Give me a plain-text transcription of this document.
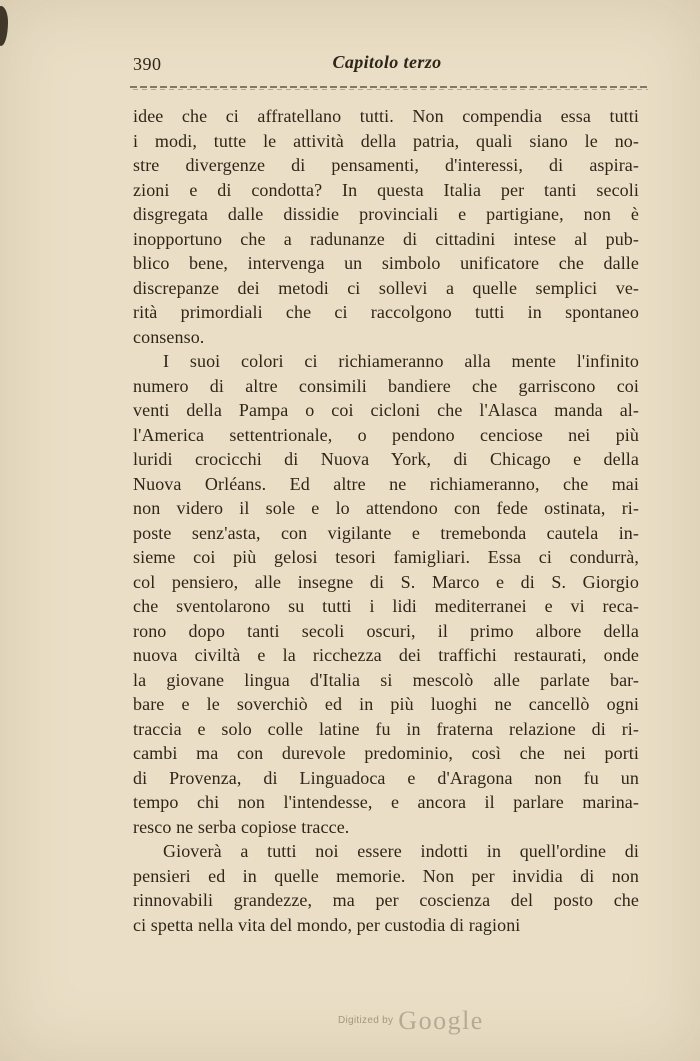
390	Capitolo terzo
idee che ci affratellano tutti. Non compendia essa tutti
i modi, tutte le attività della patria, quali siano le no-
stre divergenze di pensamenti, d'interessi, di aspira-
zioni e di condotta? In questa Italia per tanti secoli
disgregata dalle dissidie provinciali e partigiane, non è
inopportuno che a radunanze di cittadini intese al pub-
blico bene, intervenga un simbolo unificatore che dalle
discrepanze dei metodi ci sollevi a quelle semplici ve-
rità primordiali che ci raccolgono tutti in spontaneo
consenso.
I suoi colori ci richiameranno alla mente l'infinito
numero di altre consimili bandiere che garriscono coi
venti della Pampa o coi cicloni che l'Alasca manda al-
l'America settentrionale, o pendono cenciose nei più
luridi crocicchi di Nuova York, di Chicago e della
Nuova Orléans. Ed altre ne richiameranno, che mai
non videro il sole e lo attendono con fede ostinata, ri-
poste senz'asta, con vigilante e tremebonda cautela in-
sieme coi più gelosi tesori famigliari. Essa ci condurrà,
col pensiero, alle insegne di S. Marco e di S. Giorgio
che sventolarono su tutti i lidi mediterranei e vi reca-
rono dopo tanti secoli oscuri, il primo albore della
nuova civiltà e la ricchezza dei traffichi restaurati, onde
la giovane lingua d'Italia si mescolò alle parlate bar-
bare e le soverchiò ed in più luoghi ne cancellò ogni
traccia e solo colle latine fu in fraterna relazione di ri-
cambi ma con durevole predominio, così che nei porti
di Provenza, di Linguadoca e d'Aragona non fu un
tempo chi non l'intendesse, e ancora il parlare marina-
resco ne serba copiose tracce.
Gioverà a tutti noi essere indotti in quell'ordine di
pensieri ed in quelle memorie. Non per invidia di non
rinnovabili grandezze, ma per coscienza del posto che
ci spetta nella vita del mondo, per custodia di ragioni
$^{Digitized by}$ Google
